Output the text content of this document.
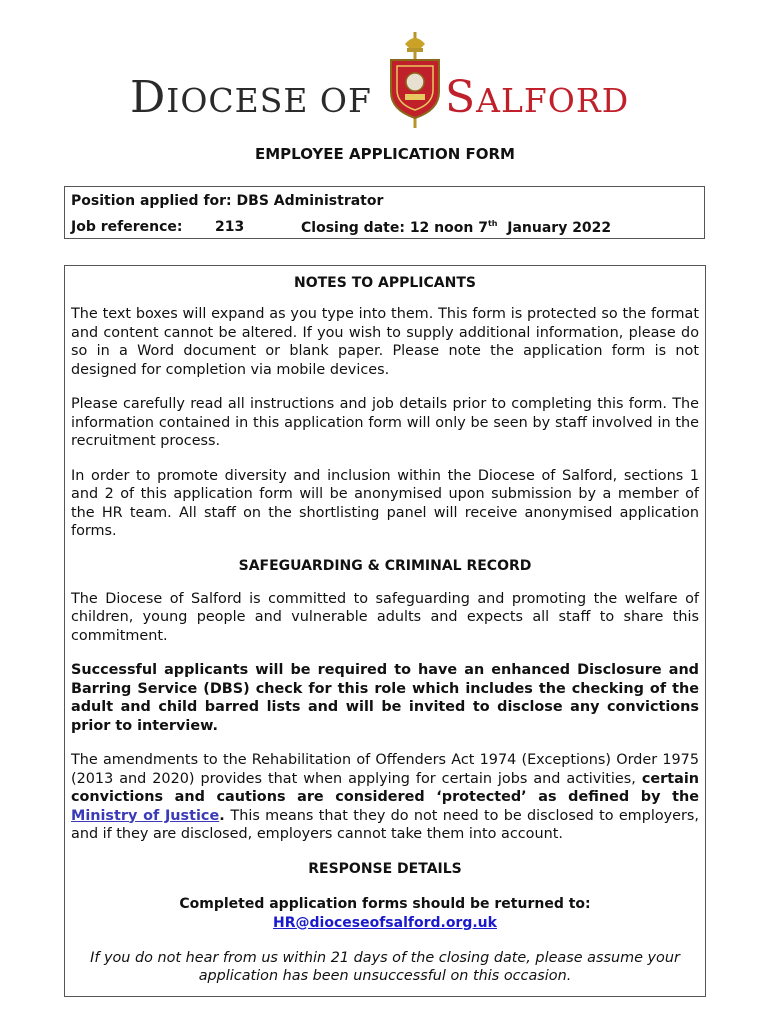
DIOCESE OF SALFORD
EMPLOYEE APPLICATION FORM
Position applied for: DBS Administrator
Job reference: 213	Closing date: 12 noon 7th January 2022

NOTES TO APPLICANTS

The text boxes will expand as you type into them. This form is protected so the format and content cannot be altered. If you wish to supply additional information, please do so in a Word document or blank paper. Please note the application form is not designed for completion via mobile devices.

Please carefully read all instructions and job details prior to completing this form. The information contained in this application form will only be seen by staff involved in the recruitment process.

In order to promote diversity and inclusion within the Diocese of Salford, sections 1 and 2 of this application form will be anonymised upon submission by a member of the HR team. All staff on the shortlisting panel will receive anonymised application forms.

SAFEGUARDING & CRIMINAL RECORD

The Diocese of Salford is committed to safeguarding and promoting the welfare of children, young people and vulnerable adults and expects all staff to share this commitment.

Successful applicants will be required to have an enhanced Disclosure and Barring Service (DBS) check for this role which includes the checking of the adult and child barred lists and will be invited to disclose any convictions prior to interview.

The amendments to the Rehabilitation of Offenders Act 1974 (Exceptions) Order 1975 (2013 and 2020) provides that when applying for certain jobs and activities, certain convictions and cautions are considered ‘protected’ as defined by the Ministry of Justice. This means that they do not need to be disclosed to employers, and if they are disclosed, employers cannot take them into account.

RESPONSE DETAILS

Completed application forms should be returned to:

HR@dioceseofsalford.org.uk

If you do not hear from us within 21 days of the closing date, please assume your application has been unsuccessful on this occasion.
